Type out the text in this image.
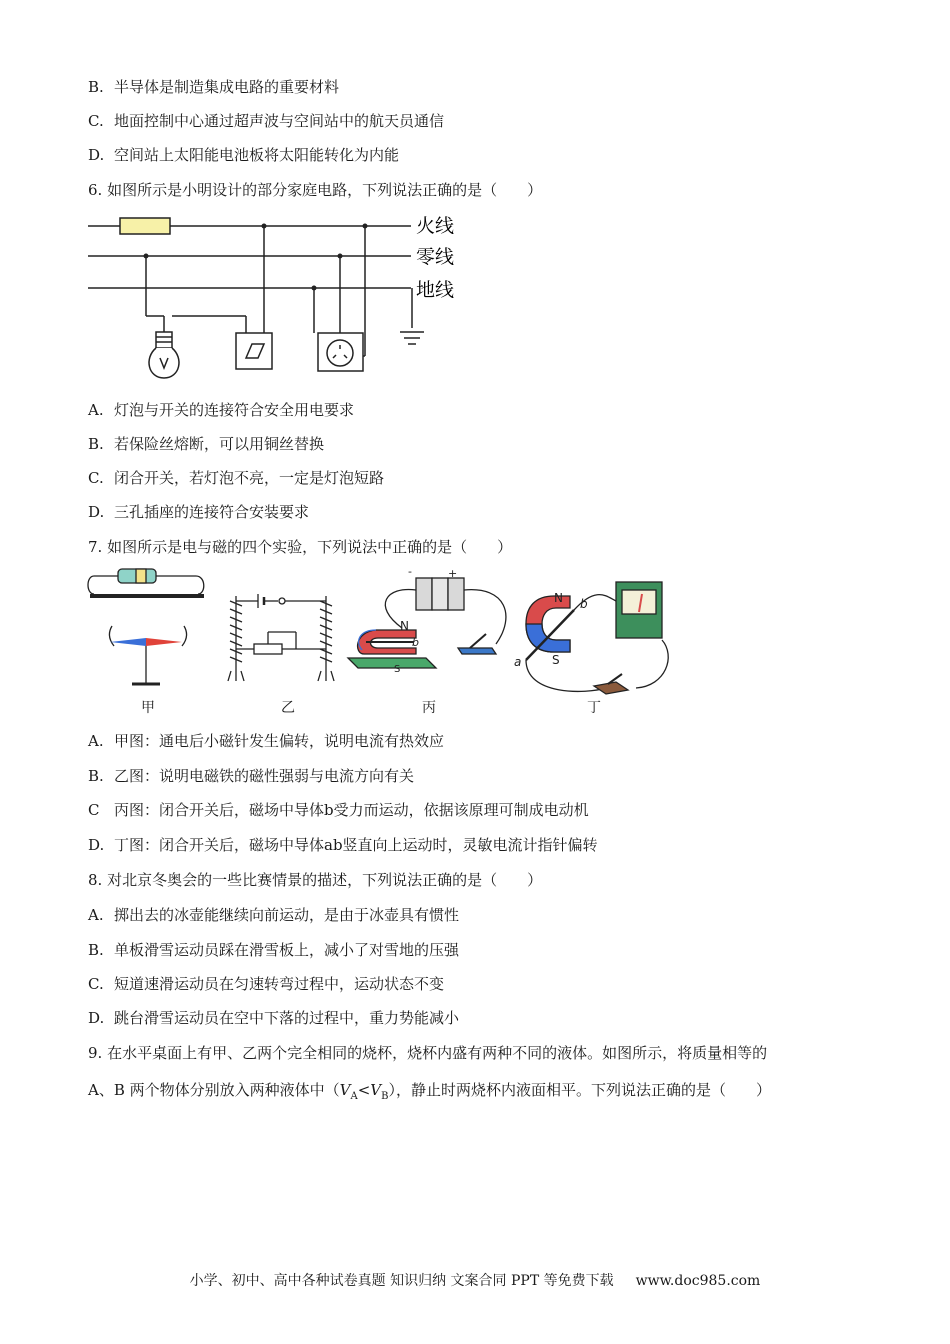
B. 半导体是制造集成电路的重要材料
C. 地面控制中心通过超声波与空间站中的航天员通信
D. 空间站上太阳能电池板将太阳能转化为内能
6. 如图所示是小明设计的部分家庭电路，下列说法正确的是（　　）
火线
零线
地线
A. 灯泡与开关的连接符合安全用电要求
B. 若保险丝熔断，可以用铜丝替换
C. 闭合开关，若灯泡不亮，一定是灯泡短路
D. 三孔插座的连接符合安装要求
7. 如图所示是电与磁的四个实验，下列说法中正确的是（　　）
-	+
N
b
S
N b
a	S
甲	乙	丙	丁
A. 甲图：通电后小磁针发生偏转，说明电流有热效应
B. 乙图：说明电磁铁的磁性强弱与电流方向有关
C 丙图：闭合开关后，磁场中导体b受力而运动，依据该原理可制成电动机
D. 丁图：闭合开关后，磁场中导体ab竖直向上运动时，灵敏电流计指针偏转
8. 对北京冬奥会的一些比赛情景的描述，下列说法正确的是（　　）
A. 掷出去的冰壶能继续向前运动，是由于冰壶具有惯性
B. 单板滑雪运动员踩在滑雪板上，减小了对雪地的压强
C. 短道速滑运动员在匀速转弯过程中，运动状态不变
D. 跳台滑雪运动员在空中下落的过程中，重力势能减小
9. 在水平桌面上有甲、乙两个完全相同的烧杯，烧杯内盛有两种不同的液体。如图所示，将质量相等的
A、B 两个物体分别放入两种液体中$(V_A<V_B)$，静止时两烧杯内液面相平。下列说法正确的是（　　）
小学、初中、高中各种试卷真题 知识归纳 文案合同 PPT 等免费下载 www.doc985.com
